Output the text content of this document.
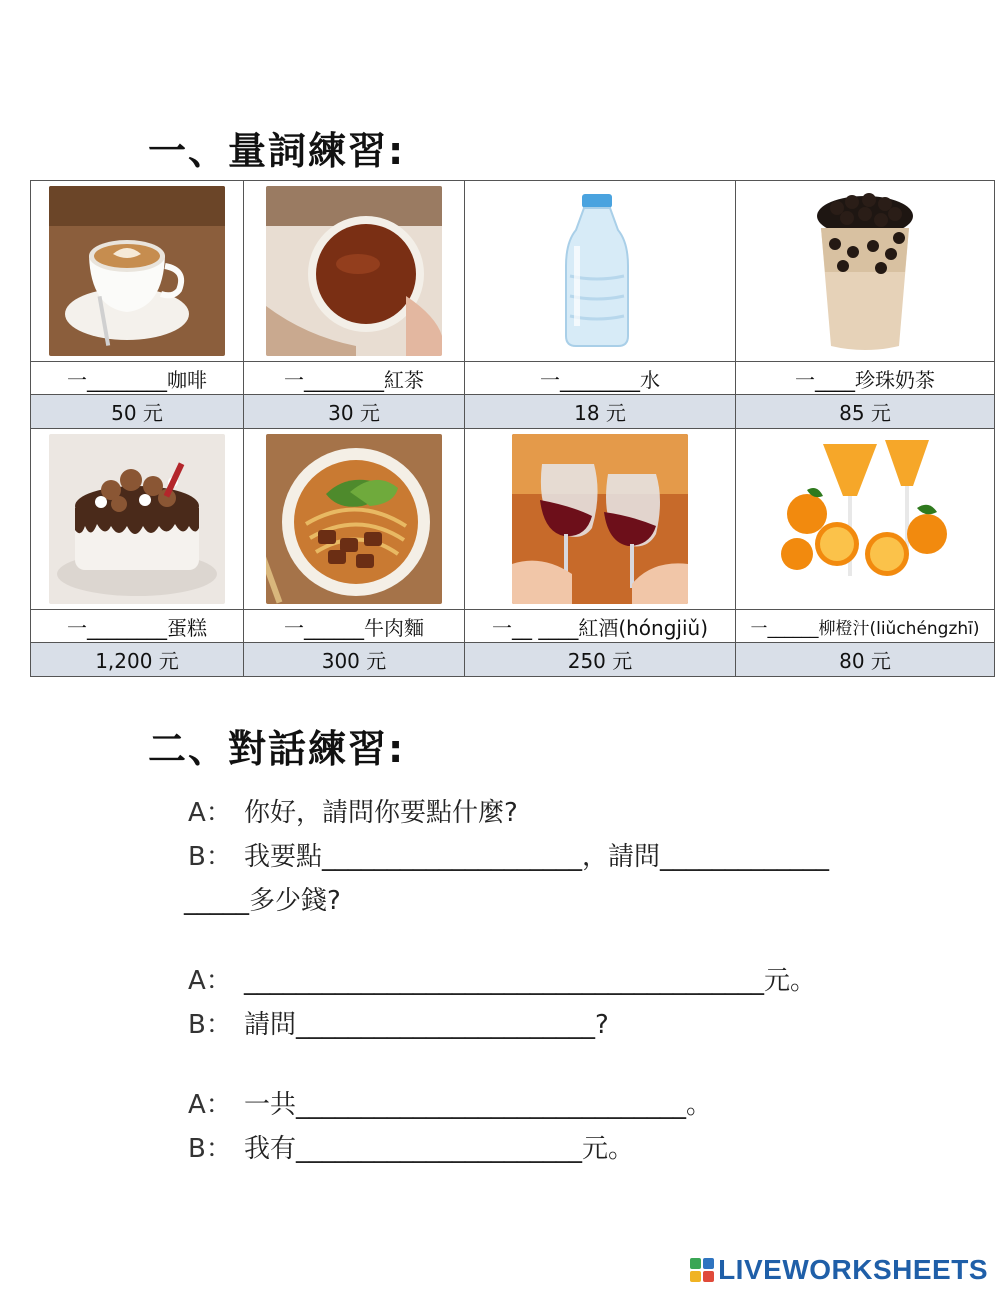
一、量詞練習:

一________咖啡	一________紅茶	一________水	一____珍珠奶茶
50 元	30 元	18 元	85 元

一________蛋糕	一______牛肉麵	一__ ____紅酒(hóngjiǔ)	一______柳橙汁(liǔchéngzhī)
1,200 元	300 元	250 元	80 元
二、對話練習:
A： 你好，請問你要點什麼?
B： 我要點____________________，請問_____________
_____多少錢?
A： ________________________________________元。
B： 請問_______________________?
A： 一共______________________________。
B： 我有______________________元。
LIVEWORKSHEETS
